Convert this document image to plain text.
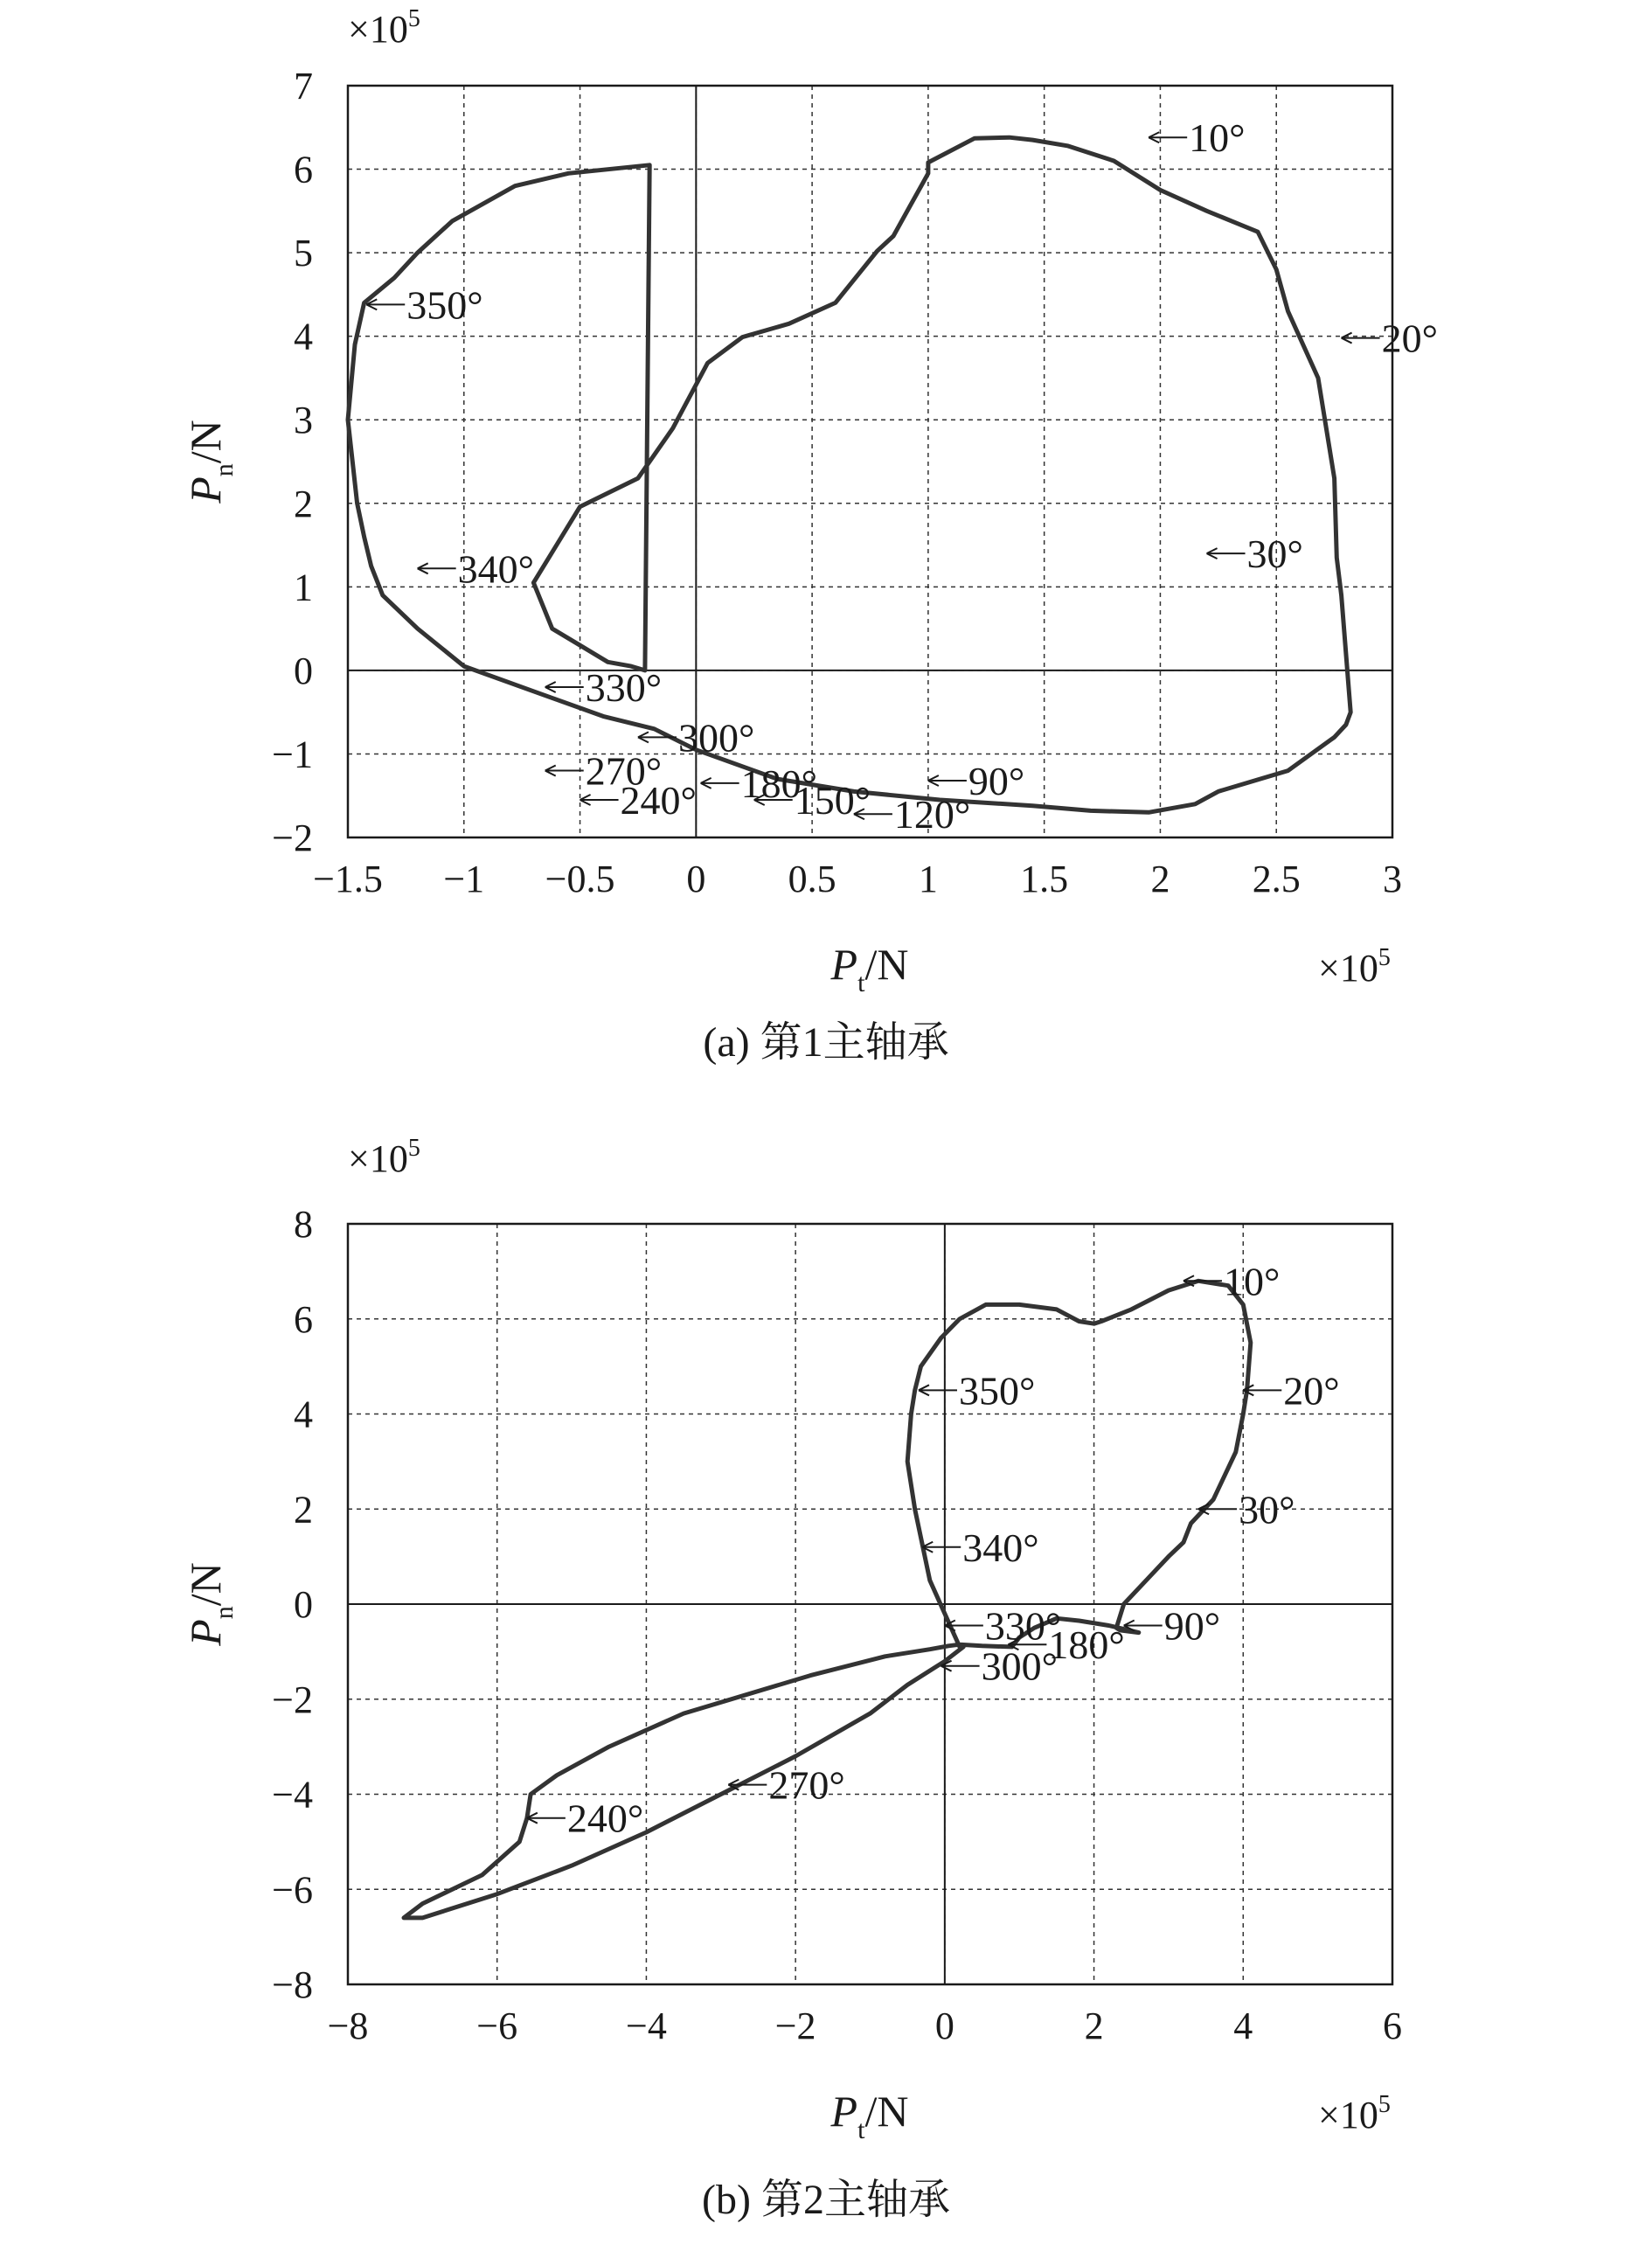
$\times 10^5$
−2
−1
0
1
2
3
4
5
6
7
−1.5 −1 −0.5 0 0.5 1 1.5 2 2.5 3
10°
20°
30°
90°
120°
150°
180°
240°
270°
300°
330°
340°
350°
$P_t/N$	$\times 10^5$
$P_n/N$
(a) 第1主轴承
$\times 10^5$
−8
−6
−4
−2
0
2
4
6
8
−8	−6	−4	−2	0	2	4	6
10°
20°
30°
90°
180°
240°
270°
300°
330°
340°
350°
$P_t/N$	$\times 10^5$
$P_n/N$
(b) 第2主轴承
